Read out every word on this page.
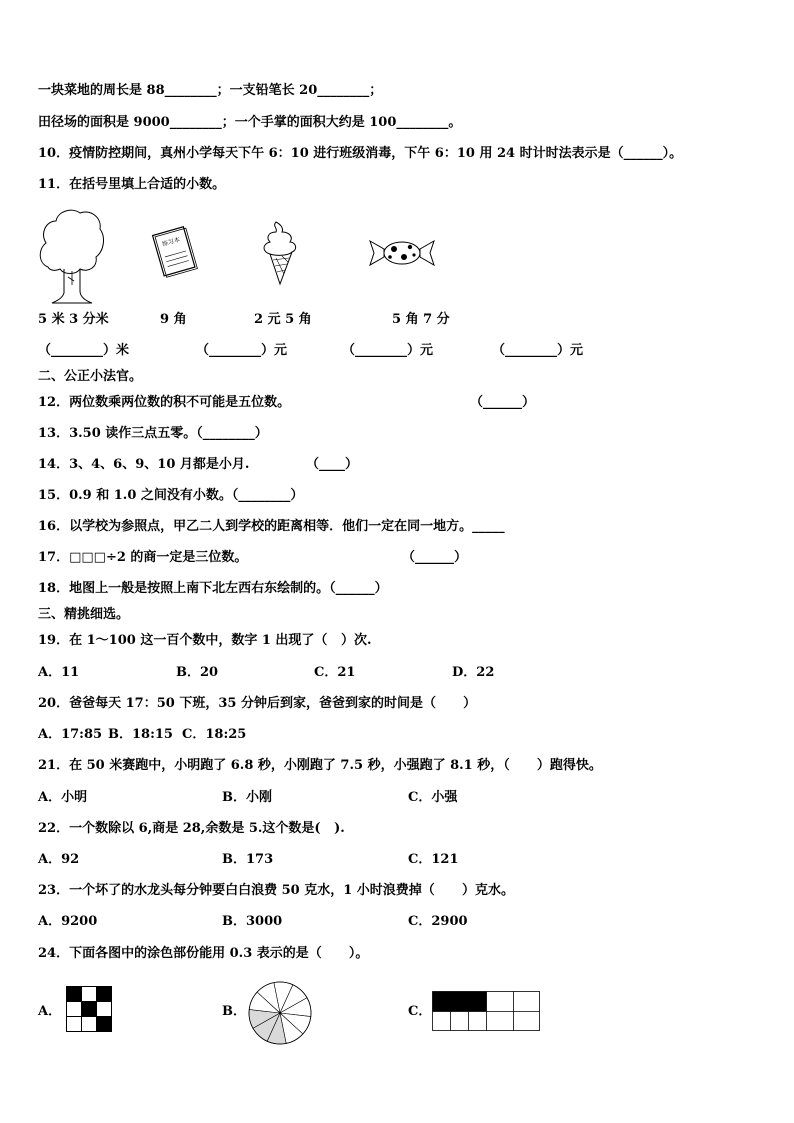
一块菜地的周长是 88________；一支铅笔长 20________；
田径场的面积是 9000________；一个手掌的面积大约是 100________。
10．疫情防控期间，真州小学每天下午 6：10 进行班级消毒，下午 6：10 用 24 时计时法表示是（______）。
11．在括号里填上合适的小数。
练习本
5 米 3 分米	9 角	2 元 5 角	5 角 7 分
（________）米	（________）元	（________）元	（________）元
二、公正小法官。
12．两位数乘两位数的积不可能是五位数。	（______）
13．3.50 读作三点五零。（________）
14．3、4、6、9、10 月都是小月.	（____）
15．0.9 和 1.0 之间没有小数。（________）
16．以学校为参照点，甲乙二人到学校的距离相等．他们一定在同一地方。_____
17．□□□÷2 的商一定是三位数。	（______）
18．地图上一般是按照上南下北左西右东绘制的。（______）
三、精挑细选。
19．在 1～100 这一百个数中，数字 1 出现了（   ）次.
A．11	B．20	C．21	D．22
20．爸爸每天 17：50 下班，35 分钟后到家，爸爸到家的时间是（      ）
A．17:85 B．18:15 C．18:25
21．在 50 米赛跑中，小明跑了 6.8 秒，小刚跑了 7.5 秒，小强跑了 8.1 秒，（      ）跑得快。
A．小明	B．小刚	C．小强
22．一个数除以 6,商是 28,余数是 5.这个数是(   ).
A．92	B．173	C．121
23．一个坏了的水龙头每分钟要白白浪费 50 克水，1 小时浪费掉（      ）克水。
A．9200	B．3000	C．2900
24．下面各图中的涂色部份能用 0.3 表示的是（      ）。
A．	B．	C．
